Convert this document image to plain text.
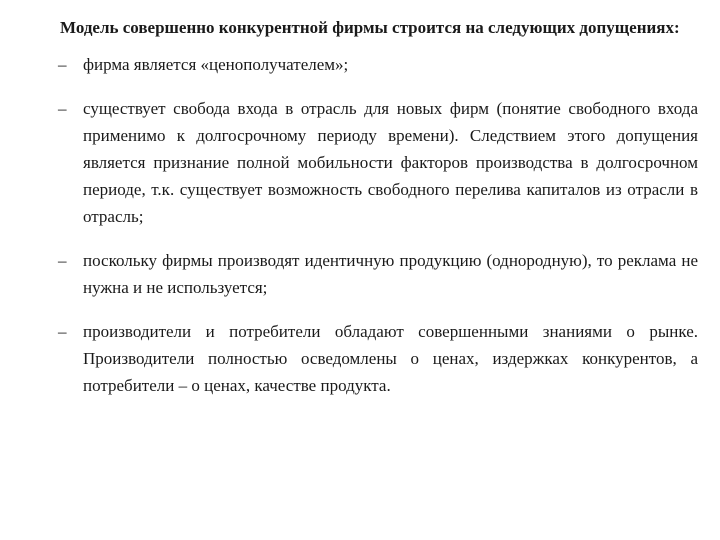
Модель совершенно конкурентной фирмы строится на следующих допущениях:

– фирма является «ценополучателем»;
– существует свобода входа в отрасль для новых фирм (понятие свободного входа применимо к долгосрочному периоду времени). Следствием этого допущения является признание полной мобильности факторов производства в долгосрочном периоде, т.к. существует возможность свободного перелива капиталов из отрасли в отрасль;
– поскольку фирмы производят идентичную продукцию (однородную), то реклама не нужна и не используется;
– производители и потребители обладают совершенными знаниями о рынке. Производители полностью осведомлены о ценах, издержках конкурентов, а потребители – о ценах, качестве продукта.
